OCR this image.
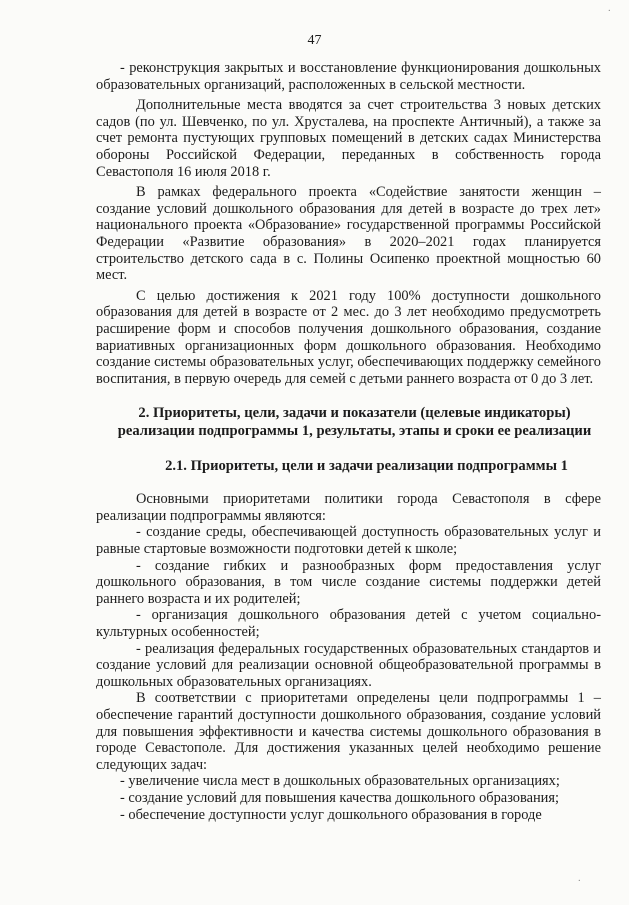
47

- реконструкция закрытых и восстановление функционирования дошкольных образовательных организаций, расположенных в сельской местности.

Дополнительные места вводятся за счет строительства 3 новых детских садов (по ул. Шевченко, по ул. Хрусталева, на проспекте Античный), а также за счет ремонта пустующих групповых помещений в детских садах Министерства обороны Российской Федерации, переданных в собственность города Севастополя 16 июля 2018 г.

В рамках федерального проекта «Содействие занятости женщин – создание условий дошкольного образования для детей в возрасте до трех лет» национального проекта «Образование» государственной программы Российской Федерации «Развитие образования» в 2020–2021 годах планируется строительство детского сада в с. Полины Осипенко проектной мощностью 60 мест.

С целью достижения к 2021 году 100% доступности дошкольного образования для детей в возрасте от 2 мес. до 3 лет необходимо предусмотреть расширение форм и способов получения дошкольного образования, создание вариативных организационных форм дошкольного образования. Необходимо создание системы образовательных услуг, обеспечивающих поддержку семейного воспитания, в первую очередь для семей с детьми раннего возраста от 0 до 3 лет.

2. Приоритеты, цели, задачи и показатели (целевые индикаторы) реализации подпрограммы 1, результаты, этапы и сроки ее реализации
2.1. Приоритеты, цели и задачи реализации подпрограммы 1

Основными приоритетами политики города Севастополя в сфере реализации подпрограммы являются:

- создание среды, обеспечивающей доступность образовательных услуг и равные стартовые возможности подготовки детей к школе;

- создание гибких и разнообразных форм предоставления услуг дошкольного образования, в том числе создание системы поддержки детей раннего возраста и их родителей;

- организация дошкольного образования детей с учетом социально-культурных особенностей;

- реализация федеральных государственных образовательных стандартов и создание условий для реализации основной общеобразовательной программы в дошкольных образовательных организациях.

В соответствии с приоритетами определены цели подпрограммы 1 – обеспечение гарантий доступности дошкольного образования, создание условий для повышения эффективности и качества системы дошкольного образования в городе Севастополе. Для достижения указанных целей необходимо решение следующих задач:

- увеличение числа мест в дошкольных образовательных организациях;

- создание условий для повышения качества дошкольного образования;

- обеспечение доступности услуг дошкольного образования в городе

·
·
